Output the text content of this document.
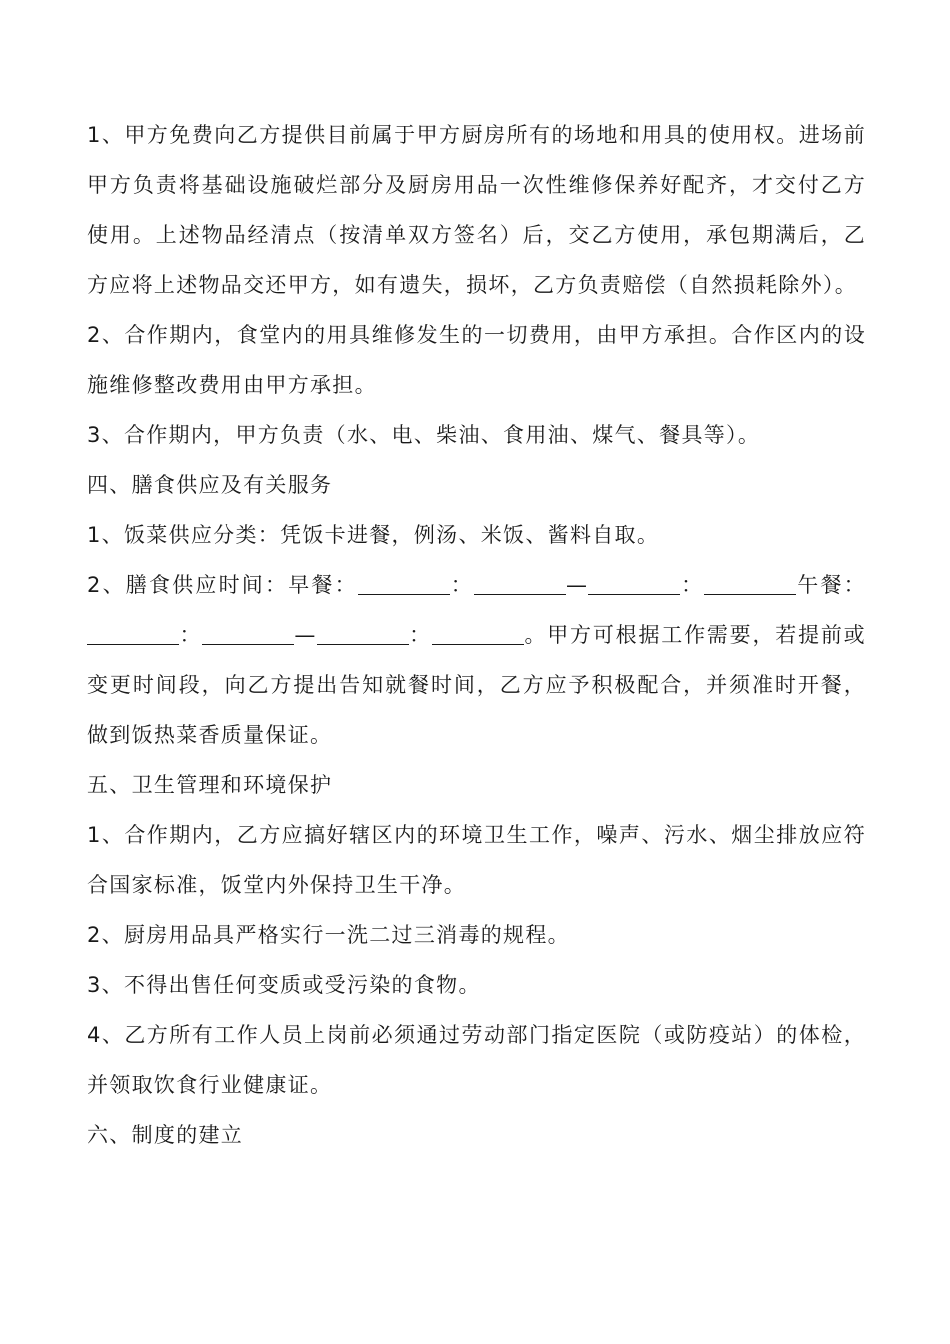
1、甲方免费向乙方提供目前属于甲方厨房所有的场地和用具的使用权。进场前甲方负责将基础设施破烂部分及厨房用品一次性维修保养好配齐，才交付乙方使用。上述物品经清点（按清单双方签名）后，交乙方使用，承包期满后，乙方应将上述物品交还甲方，如有遗失，损坏，乙方负责赔偿（自然损耗除外）。

2、合作期内，食堂内的用具维修发生的一切费用，由甲方承担。合作区内的设施维修整改费用由甲方承担。

3、合作期内，甲方负责（水、电、柴油、食用油、煤气、餐具等）。

四、膳食供应及有关服务

1、饭菜供应分类：凭饭卡进餐，例汤、米饭、酱料自取。

2、膳食供应时间：早餐：	：	—	：	午餐：：	—	：	。甲方可根据工作需要，若提前或变更时间段，向乙方提出告知就餐时间，乙方应予积极配合，并须准时开餐，做到饭热菜香质量保证。

五、卫生管理和环境保护

1、合作期内，乙方应搞好辖区内的环境卫生工作，噪声、污水、烟尘排放应符合国家标准，饭堂内外保持卫生干净。

2、厨房用品具严格实行一洗二过三消毒的规程。

3、不得出售任何变质或受污染的食物。

4、乙方所有工作人员上岗前必须通过劳动部门指定医院（或防疫站）的体检，并领取饮食行业健康证。

六、制度的建立
